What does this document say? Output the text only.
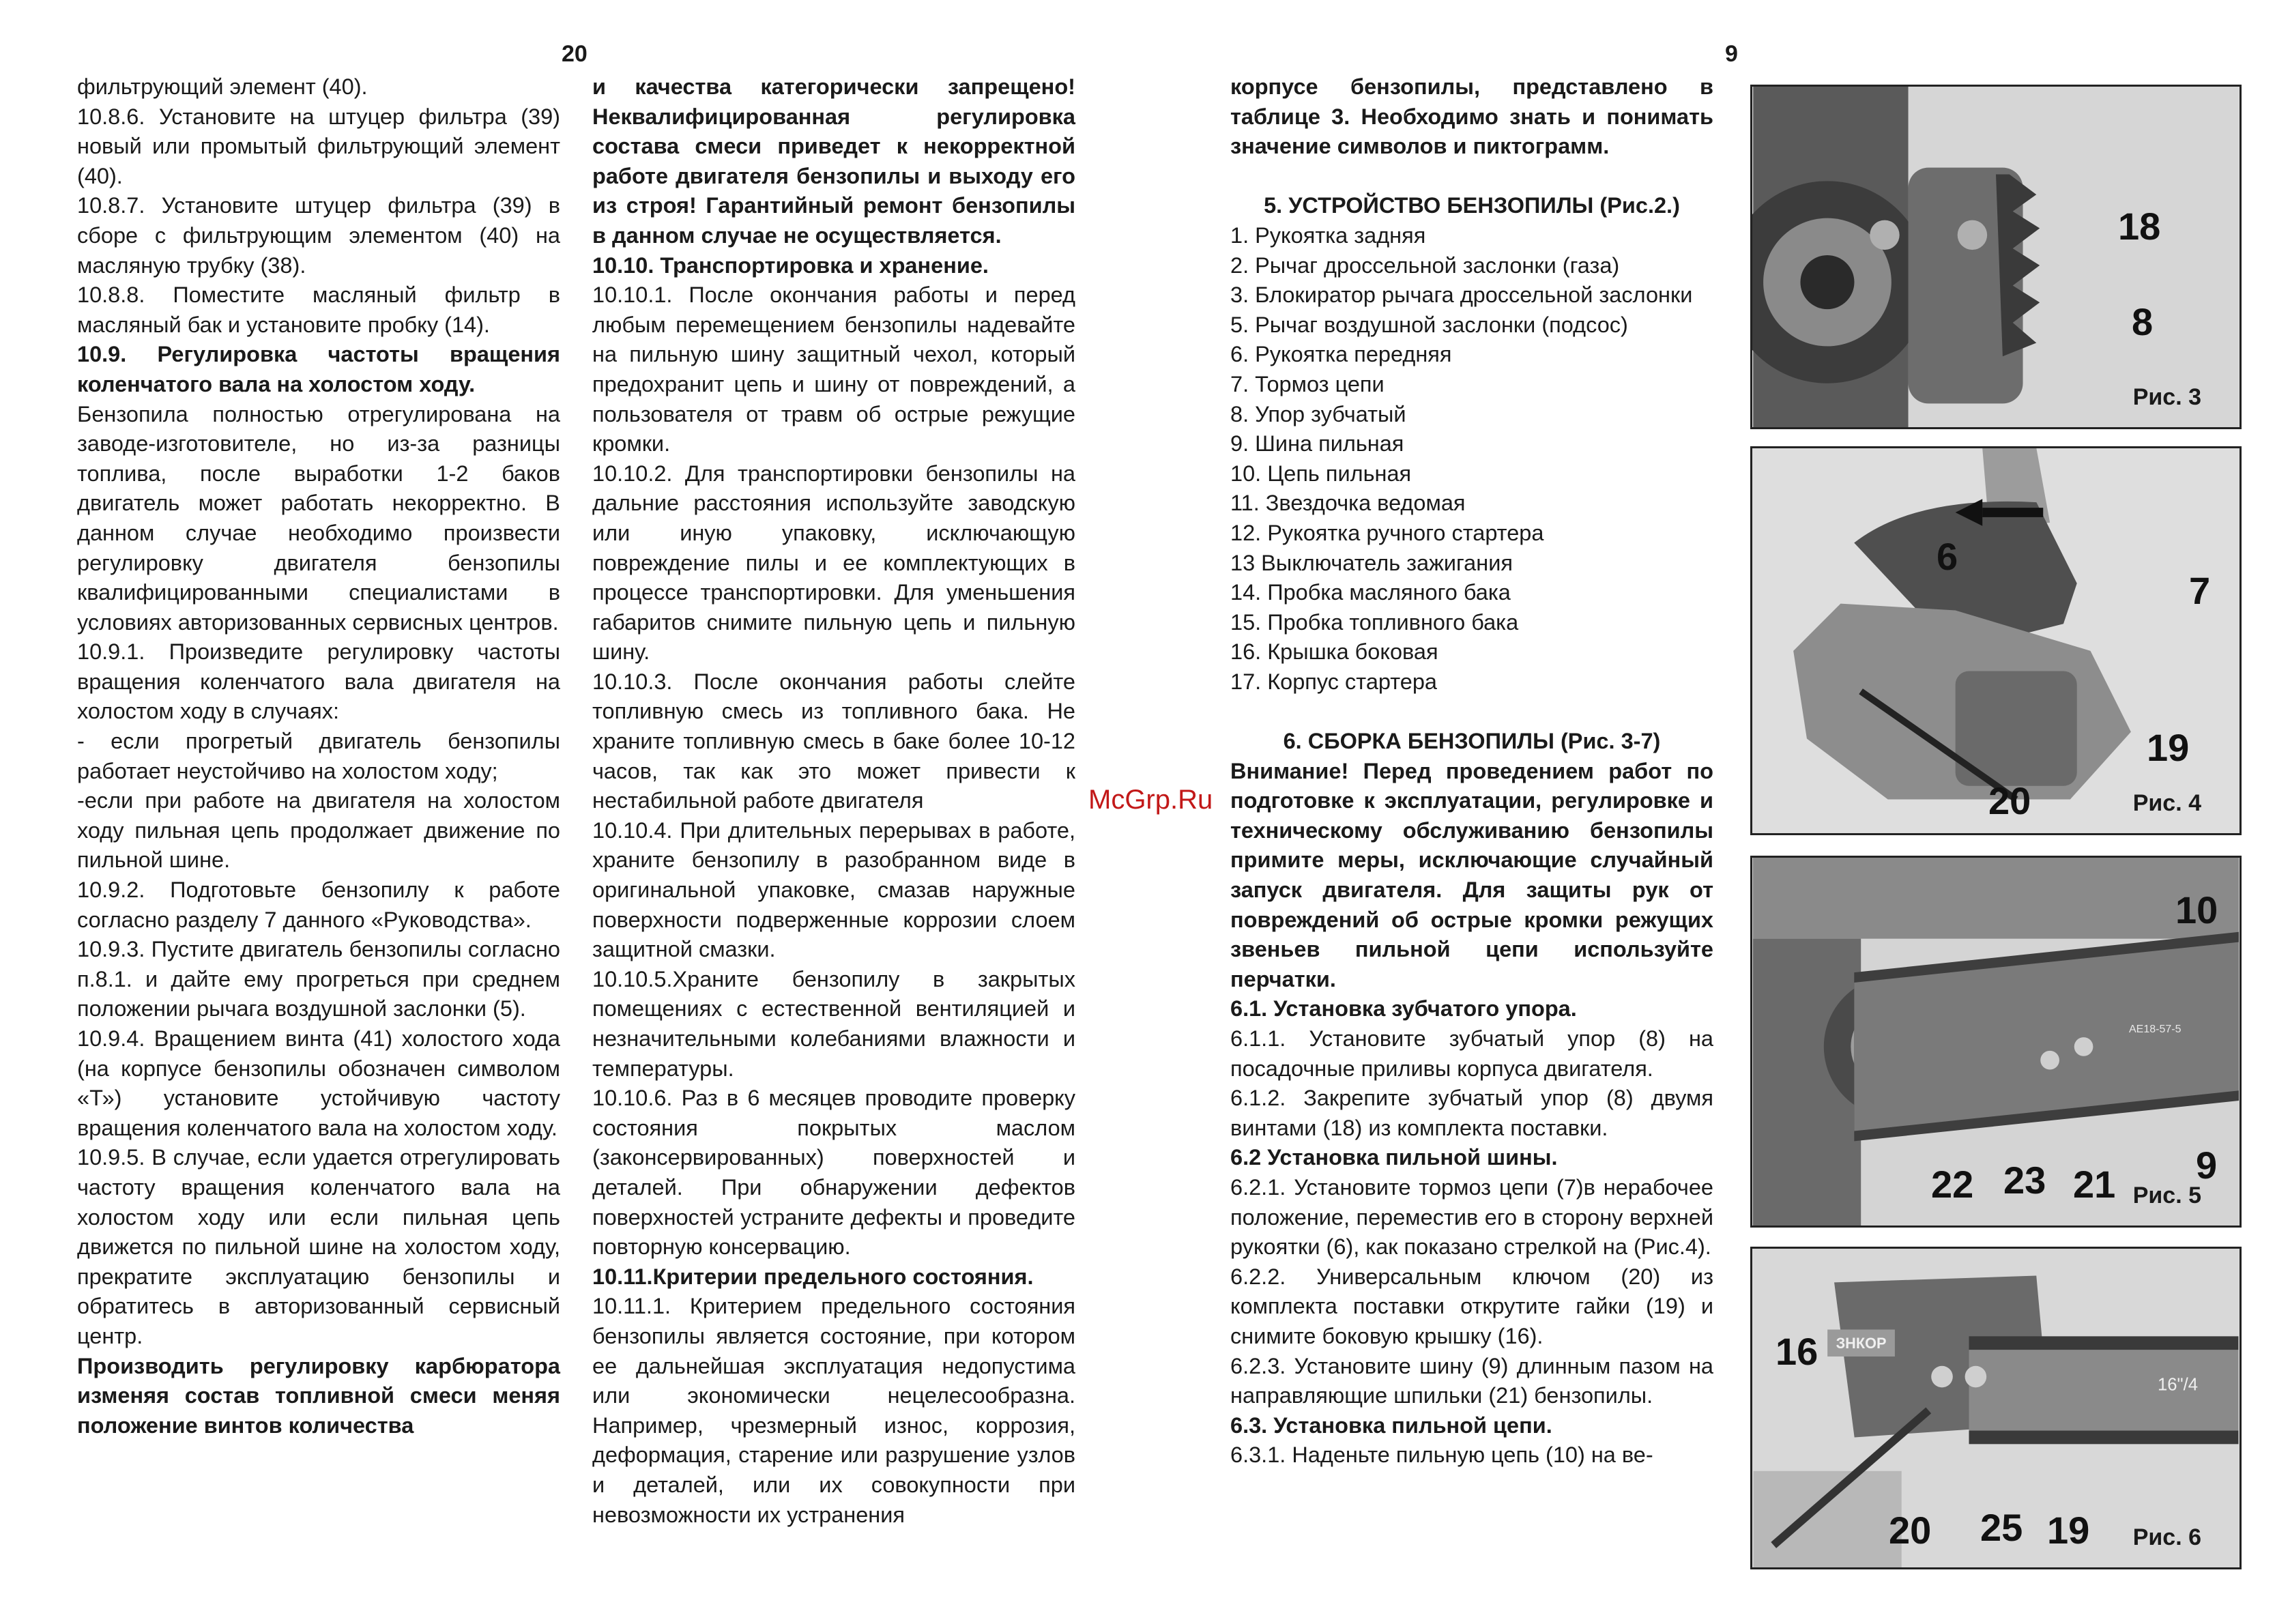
20	9

фильтрующий элемент (40).

10.8.6. Установите на штуцер фильтра (39) новый или промытый фильтрующий элемент (40).

10.8.7. Установите штуцер фильтра (39) в сборе с фильтрующим элементом (40) на масляную трубку (38).

10.8.8. Поместите масляный фильтр в масляный бак и установите пробку (14).

10.9. Регулировка частоты вращения коленчатого вала на холостом ходу.

Бензопила полностью отрегулирована на заводе-изготовителе, но из-за разницы топлива, после выработки 1-2 баков двигатель может работать некорректно. В данном случае необходимо произвести регулировку двигателя бензопилы квалифицированными специалистами в условиях авторизованных сервисных центров.

10.9.1. Произведите регулировку частоты вращения коленчатого вала двигателя на холостом ходу в случаях:

- если прогретый двигатель бензопилы работает неустойчиво на холостом ходу;

-если при работе на двигателя на холостом ходу пильная цепь продолжает движение по пильной шине.

10.9.2. Подготовьте бензопилу к работе согласно разделу 7 данного «Руководства».

10.9.3. Пустите двигатель бензопилы согласно п.8.1. и дайте ему прогреться при среднем положении рычага воздушной заслонки (5).

10.9.4. Вращением винта (41) холостого хода (на корпусе бензопилы обозначен символом «Т») установите устойчивую частоту вращения коленчатого вала на холостом ходу.

10.9.5. В случае, если удается отрегулировать частоту вращения коленчатого вала на холостом ходу или если пильная цепь движется по пильной шине на холостом ходу, прекратите эксплуатацию бензопилы и обратитесь в авторизованный сервисный центр.

Производить регулировку карбюратора изменяя состав топливной смеси меняя положение винтов количества

и качества категорически запрещено! Неквалифицированная регулировка состава смеси приведет к некорректной работе двигателя бензопилы и выходу его из строя! Гарантийный ремонт бензопилы в данном случае не осуществляется.

10.10. Транспортировка и хранение.

10.10.1. После окончания работы и перед любым перемещением бензопилы надевайте на пильную шину защитный чехол, который предохранит цепь и шину от повреждений, а пользователя от травм об острые режущие кромки.

10.10.2. Для транспортировки бензопилы на дальние расстояния используйте заводскую или иную упаковку, исключающую повреждение пилы и ее комплектующих в процессе транспортировки. Для уменьшения габаритов снимите пильную цепь и пильную шину.

10.10.3. После окончания работы слейте топливную смесь из топливного бака. Не храните топливную смесь в баке более 10-12 часов, так как это может привести к нестабильной работе двигателя

10.10.4. При длительных перерывах в работе, храните бензопилу в разобранном виде в оригинальной упаковке, смазав наружные поверхности подверженные коррозии слоем защитной смазки.

10.10.5.Храните бензопилу в закрытых помещениях с естественной вентиляцией и незначительными колебаниями влажности и температуры.

10.10.6. Раз в 6 месяцев проводите проверку состояния покрытых маслом (законсервированных) поверхностей и деталей. При обнаружении дефектов поверхностей устраните дефекты и проведите повторную консервацию.

10.11.Критерии предельного состояния.

10.11.1. Критерием предельного состояния бензопилы является состояние, при котором ее дальнейшая эксплуатация недопустима или экономически нецелесообразна. Например, чрезмерный износ, коррозия, деформация, старение или разрушение узлов и деталей, или их совокупности при невозможности их устранения

корпусе бензопилы, представлено в таблице 3. Необходимо знать и понимать значение символов и пиктограмм.

5. УСТРОЙСТВО БЕНЗОПИЛЫ (Рис.2.)

1. Рукоятка задняя

2. Рычаг дроссельной заслонки (газа)

3. Блокиратор рычага дроссельной заслонки

5. Рычаг воздушной заслонки (подсос)

6. Рукоятка передняя

7. Тормоз цепи

8. Упор зубчатый

9. Шина пильная

10. Цепь пильная

11. Звездочка ведомая

12. Рукоятка ручного стартера

13 Выключатель зажигания

14. Пробка масляного бака

15. Пробка топливного бака

16. Крышка боковая

17. Корпус стартера

6. СБОРКА БЕНЗОПИЛЫ (Рис. 3-7)

Внимание! Перед проведением работ по подготовке к эксплуатации, регулировке и техническому обслуживанию бензопилы примите меры, исключающие случайный запуск двигателя. Для защиты рук от повреждений об острые кромки режущих звеньев пильной цепи используйте перчатки.

6.1. Установка зубчатого упора.

6.1.1. Установите зубчатый упор (8) на посадочные приливы корпуса двигателя.

6.1.2. Закрепите зубчатый упор (8) двумя винтами (18) из комплекта поставки.

6.2 Установка пильной шины.

6.2.1. Установите тормоз цепи (7)в нерабочее положение, переместив его в сторону верхней рукоятки (6), как показано стрелкой на (Рис.4).

6.2.2. Универсальным ключом (20) из комплекта поставки открутите гайки (19) и снимите боковую крышку (16).

6.2.3. Установите шину (9) длинным пазом на направляющие шпильки (21) бензопилы.

6.3. Установка пильной цепи.

6.3.1. Наденьте пильную цепь (10) на ве-

McGrp.Ru
18
8
Рис. 3
6
7
19
20	Рис. 4
10
22 23 21 9
Рис. 5
ЗНКОР
16"/4
16
20 25 19 Рис. 6
AE18-57-5
